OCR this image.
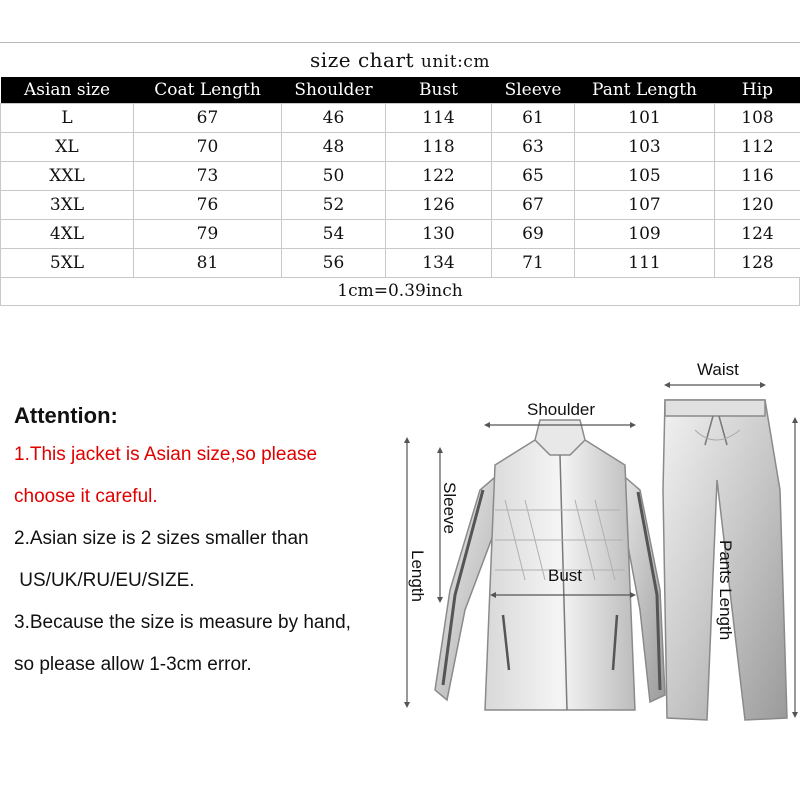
size chart unit:cm
Asian size	Coat Length	Shoulder	Bust	Sleeve	Pant Length	Hip
L	67	46	114	61	101	108
XL	70	48	118	63	103	112
XXL	73	50	122	65	105	116
3XL	76	52	126	67	107	120
4XL	79	54	130	69	109	124
5XL	81	56	134	71	111	128
1cm=0.39inch
Attention:
1.This jacket is Asian size,so please
choose it careful.
2.Asian size is 2 sizes smaller than
US/UK/RU/EU/SIZE.
3.Because the size is measure by hand,
so please allow 1-3cm error.
Waist
Shoulder
Sleeve
Length	Bust	Pants Length
